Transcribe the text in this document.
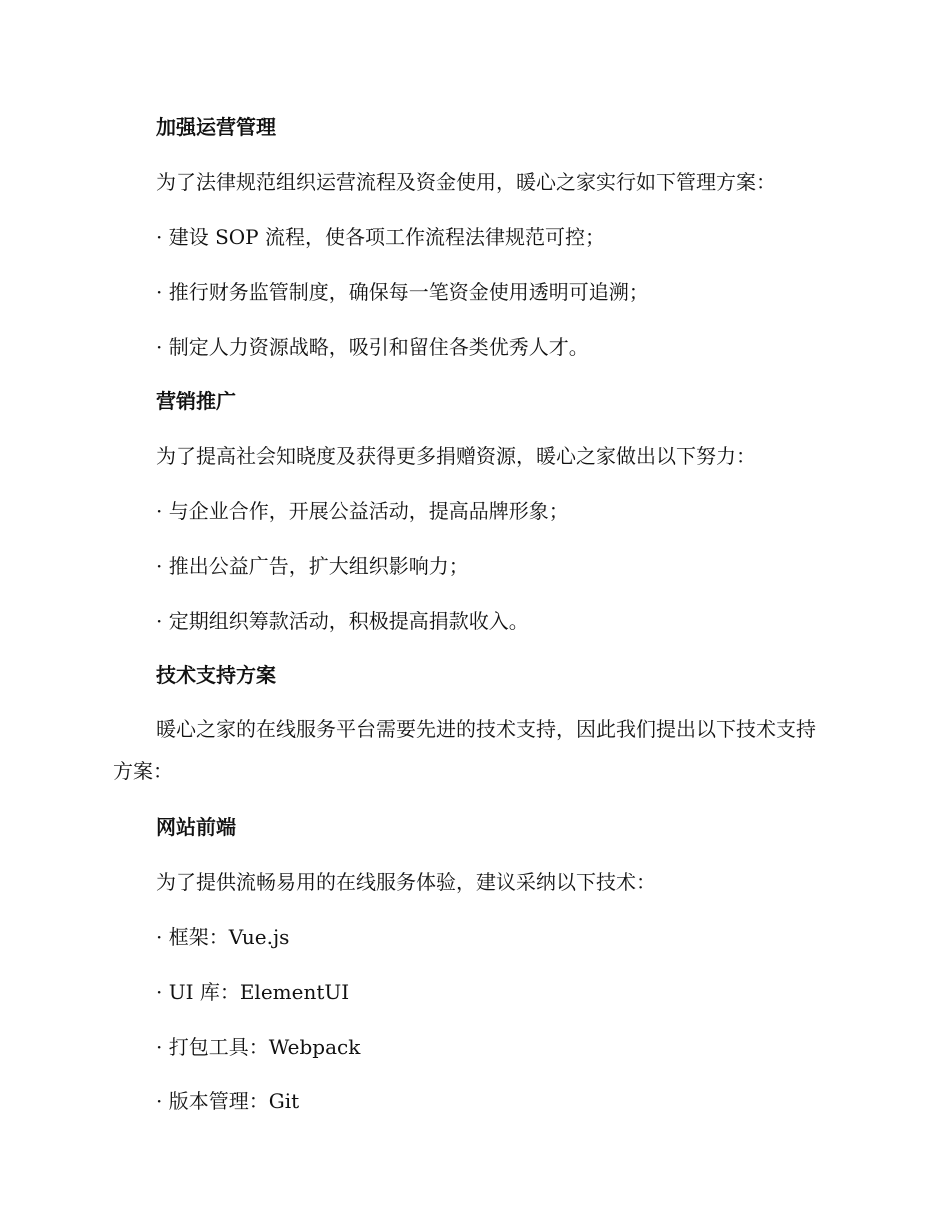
加强运营管理

为了法律规范组织运营流程及资金使用，暖心之家实行如下管理方案：

· 建设 SOP 流程，使各项工作流程法律规范可控；

· 推行财务监管制度，确保每一笔资金使用透明可追溯；

· 制定人力资源战略，吸引和留住各类优秀人才。

营销推广

为了提高社会知晓度及获得更多捐赠资源，暖心之家做出以下努力：

· 与企业合作，开展公益活动，提高品牌形象；

· 推出公益广告，扩大组织影响力；

· 定期组织筹款活动，积极提高捐款收入。

技术支持方案

暖心之家的在线服务平台需要先进的技术支持，因此我们提出以下技术支持方案：

网站前端

为了提供流畅易用的在线服务体验，建议采纳以下技术：

· 框架：Vue.js

· UI 库：ElementUI

· 打包工具：Webpack

· 版本管理：Git
